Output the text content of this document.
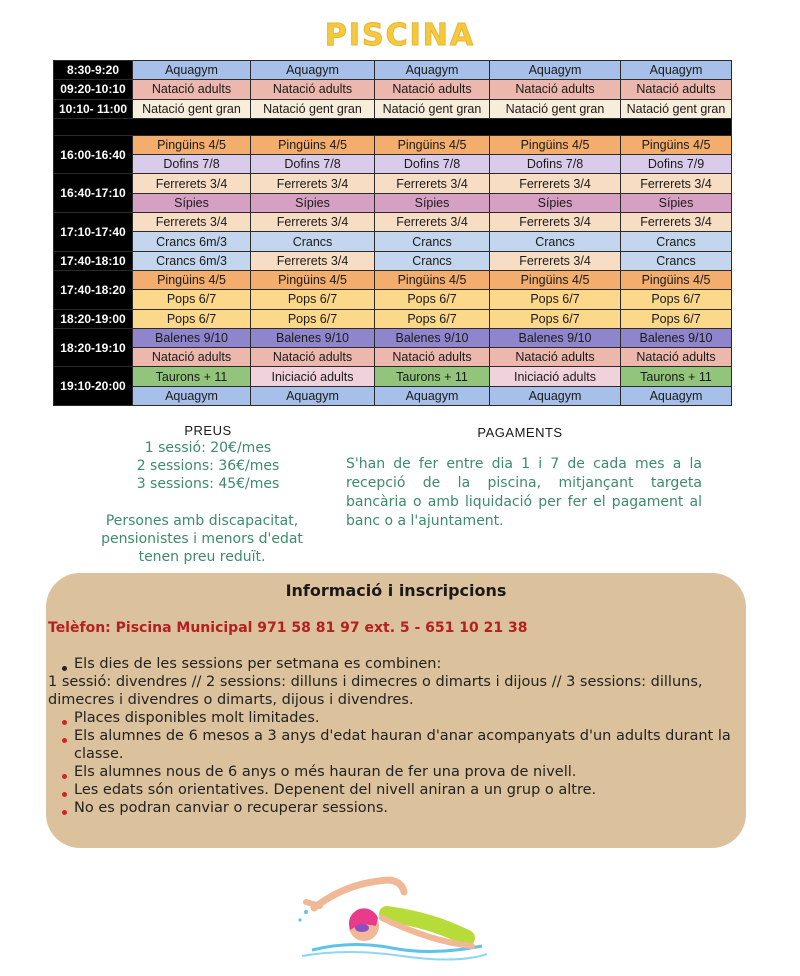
PISCINA
8:30-9:20	Aquagym	Aquagym	Aquagym	Aquagym	Aquagym
09:20-10:10	Natació adults	Natació adults	Natació adults	Natació adults	Natació adults
10:10- 11:00	Natació gent gran	Natació gent gran	Natació gent gran	Natació gent gran	Natació gent gran

16:00-16:40	Pingüins 4/5	Pingüins 4/5	Pingüins 4/5	Pingüins 4/5	Pingüins 4/5
	Dofins 7/8	Dofins 7/8	Dofins 7/8	Dofins 7/8	Dofins 7/9
16:40-17:10	Ferrerets 3/4	Ferrerets 3/4	Ferrerets 3/4	Ferrerets 3/4	Ferrerets 3/4
	Sípies	Sípies	Sípies	Sípies	Sípies
17:10-17:40	Ferrerets 3/4	Ferrerets 3/4	Ferrerets 3/4	Ferrerets 3/4	Ferrerets 3/4
	Crancs 6m/3	Crancs	Crancs	Crancs	Crancs
17:40-18:10	Crancs 6m/3	Ferrerets 3/4	Crancs	Ferrerets 3/4	Crancs
17:40-18:20	Pingüins 4/5	Pingüins 4/5	Pingüins 4/5	Pingüins 4/5	Pingüins 4/5
	Pops 6/7	Pops 6/7	Pops 6/7	Pops 6/7	Pops 6/7
18:20-19:00	Pops 6/7	Pops 6/7	Pops 6/7	Pops 6/7	Pops 6/7
18:20-19:10	Balenes 9/10	Balenes 9/10	Balenes 9/10	Balenes 9/10	Balenes 9/10
	Natació adults	Natació adults	Natació adults	Natació adults	Natació adults
19:10-20:00	Taurons + 11	Iniciació adults	Taurons + 11	Iniciació adults	Taurons + 11
	Aquagym	Aquagym	Aquagym	Aquagym	Aquagym
PREUS
1 sessió: 20€/mes
2 sessions: 36€/mes
3 sessions: 45€/mes
Persones amb discapacitat,
pensionistes i menors d'edat
tenen preu reduït.
PAGAMENTS
S'han de fer entre dia 1 i 7 de cada mes a la recepció de la piscina, mitjançant targeta bancària o amb liquidació per fer el pagament al banc o a l'ajuntament.
Informació i inscripcions
Telèfon: Piscina Municipal 971 58 81 97 ext. 5 - 651 10 21 38
Els dies de les sessions per setmana es combinen:
1 sessió: divendres // 2 sessions: dilluns i dimecres o dimarts i dijous // 3 sessions: dilluns,
dimecres i divendres o dimarts, dijous i divendres.
Places disponibles molt limitades.
Els alumnes de 6 mesos a 3 anys d'edat hauran d'anar acompanyats d'un adults durant la
classe.
Els alumnes nous de 6 anys o més hauran de fer una prova de nivell.
Les edats són orientatives. Depenent del nivell aniran a un grup o altre.
No es podran canviar o recuperar sessions.
